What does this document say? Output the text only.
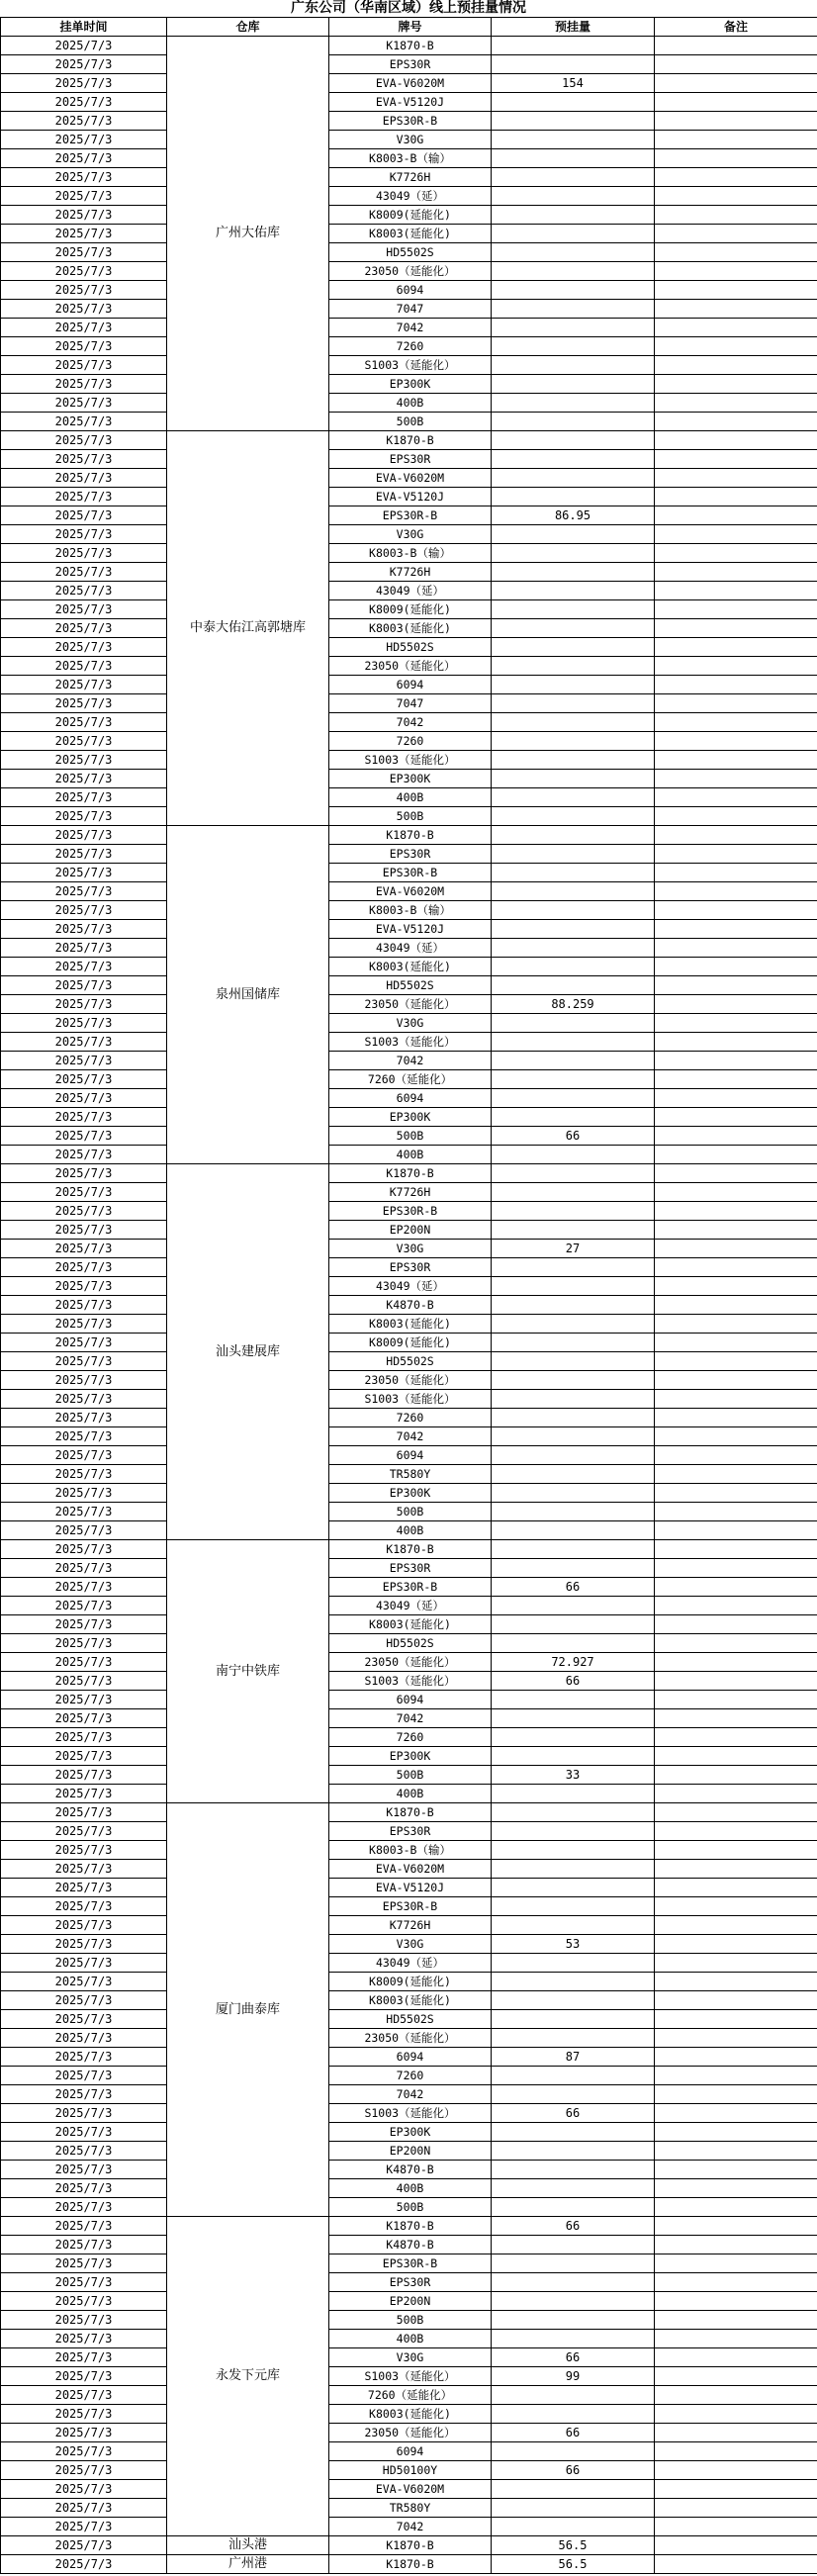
广东公司（华南区域）线上预挂量情况
挂单时间	仓库	牌号	预挂量	备注
2025/7/3	广州大佑库	K1870-B		
2025/7/3		EPS30R		
2025/7/3		EVA-V6020M	154	
2025/7/3		EVA-V5120J		
2025/7/3		EPS30R-B		
2025/7/3		V30G		
2025/7/3		K8003-B（输）		
2025/7/3		K7726H		
2025/7/3		43049（延）		
2025/7/3		K8009(延能化)		
2025/7/3		K8003(延能化)		
2025/7/3		HD5502S		
2025/7/3		23050（延能化）		
2025/7/3		6094		
2025/7/3		7047		
2025/7/3		7042		
2025/7/3		7260		
2025/7/3		S1003（延能化）		
2025/7/3		EP300K		
2025/7/3		400B		
2025/7/3		500B		
2025/7/3	中泰大佑江高郭塘库	K1870-B		
2025/7/3		EPS30R		
2025/7/3		EVA-V6020M		
2025/7/3		EVA-V5120J		
2025/7/3		EPS30R-B	86.95	
2025/7/3		V30G		
2025/7/3		K8003-B（输）		
2025/7/3		K7726H		
2025/7/3		43049（延）		
2025/7/3		K8009(延能化)		
2025/7/3		K8003(延能化)		
2025/7/3		HD5502S		
2025/7/3		23050（延能化）		
2025/7/3		6094		
2025/7/3		7047		
2025/7/3		7042		
2025/7/3		7260		
2025/7/3		S1003（延能化）		
2025/7/3		EP300K		
2025/7/3		400B		
2025/7/3		500B		
2025/7/3	泉州国储库	K1870-B		
2025/7/3		EPS30R		
2025/7/3		EPS30R-B		
2025/7/3		EVA-V6020M		
2025/7/3		K8003-B（输）		
2025/7/3		EVA-V5120J		
2025/7/3		43049（延）		
2025/7/3		K8003(延能化)		
2025/7/3		HD5502S		
2025/7/3		23050（延能化）	88.259	
2025/7/3		V30G		
2025/7/3		S1003（延能化）		
2025/7/3		7042		
2025/7/3		7260（延能化）		
2025/7/3		6094		
2025/7/3		EP300K		
2025/7/3		500B	66	
2025/7/3		400B		
2025/7/3	汕头建展库	K1870-B		
2025/7/3		K7726H		
2025/7/3		EPS30R-B		
2025/7/3		EP200N		
2025/7/3		V30G	27	
2025/7/3		EPS30R		
2025/7/3		43049（延）		
2025/7/3		K4870-B		
2025/7/3		K8003(延能化)		
2025/7/3		K8009(延能化)		
2025/7/3		HD5502S		
2025/7/3		23050（延能化）		
2025/7/3		S1003（延能化）		
2025/7/3		7260		
2025/7/3		7042		
2025/7/3		6094		
2025/7/3		TR580Y		
2025/7/3		EP300K		
2025/7/3		500B		
2025/7/3		400B		
2025/7/3	南宁中铁库	K1870-B		
2025/7/3		EPS30R		
2025/7/3		EPS30R-B	66	
2025/7/3		43049（延）		
2025/7/3		K8003(延能化)		
2025/7/3		HD5502S		
2025/7/3		23050（延能化）	72.927	
2025/7/3		S1003（延能化）	66	
2025/7/3		6094		
2025/7/3		7042		
2025/7/3		7260		
2025/7/3		EP300K		
2025/7/3		500B	33	
2025/7/3		400B		
2025/7/3	厦门曲泰库	K1870-B		
2025/7/3		EPS30R		
2025/7/3		K8003-B（输）		
2025/7/3		EVA-V6020M		
2025/7/3		EVA-V5120J		
2025/7/3		EPS30R-B		
2025/7/3		K7726H		
2025/7/3		V30G	53	
2025/7/3		43049（延）		
2025/7/3		K8009(延能化)		
2025/7/3		K8003(延能化)		
2025/7/3		HD5502S		
2025/7/3		23050（延能化）		
2025/7/3		6094	87	
2025/7/3		7260		
2025/7/3		7042		
2025/7/3		S1003（延能化）	66	
2025/7/3		EP300K		
2025/7/3		EP200N		
2025/7/3		K4870-B		
2025/7/3		400B		
2025/7/3		500B		
2025/7/3	永发下元库	K1870-B	66	
2025/7/3		K4870-B		
2025/7/3		EPS30R-B		
2025/7/3		EPS30R		
2025/7/3		EP200N		
2025/7/3		500B		
2025/7/3		400B		
2025/7/3		V30G	66	
2025/7/3		S1003（延能化）	99	
2025/7/3		7260（延能化）		
2025/7/3		K8003(延能化)		
2025/7/3		23050（延能化）	66	
2025/7/3		6094		
2025/7/3		HD50100Y	66	
2025/7/3		EVA-V6020M		
2025/7/3		TR580Y		
2025/7/3		7042		
2025/7/3	汕头港	K1870-B	56.5	
2025/7/3	广州港	K1870-B	56.5	
